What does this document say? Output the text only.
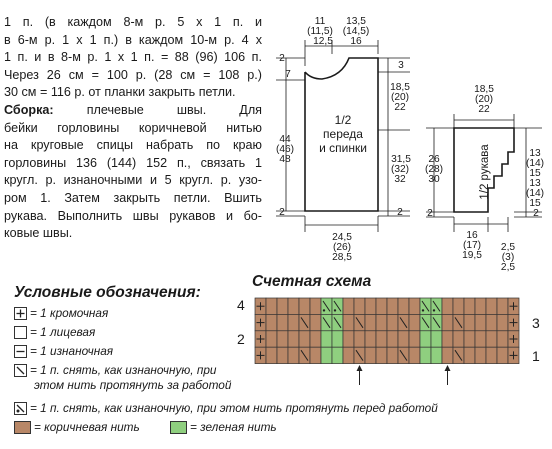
1 п. (в каждом 8-м р. 5 х 1 п. и
в 6-м р. 1 х 1 п.) в каждом 10-м р. 4 х
1 п. и в 8-м р. 1 х 1 п. = 88 (96) 106 п.
Через 26 см = 100 р. (28 см = 108 р.)
30 см = 116 р. от планки закрыть петли.
Сборка: плечевые швы. Для
бейки горловины коричневой нитью
на круговые спицы набрать по краю
горловины 136 (144) 152 п., связать 1
кругл. р. изнаночными и 5 кругл. р. узо-
ром 1. Затем закрыть петли. Вшить
рукава. Выполнить швы рукавов и бо-
ковые швы.
11
(11,5)
12,5
13,5
(14,5)
16
2
7
3
18,5
(20)
22
31,5
(32)
32
44
(46)
48
2	2
24,5
(26)
28,5
1/2
переда
и спинки
18,5
(20)
22
26
(28)
30
13
(14)
15
13
(14)
15
2	2
16
(17)
19,5
2,5
(3)
2,5
1/2 рукава
Условные обозначения:
= 1 кромочная
= 1 лицевая
= 1 изнаночная
= 1 п. снять, как изнаночную, при
этом нить протянуть за работой
= 1 п. снять, как изнаночную, при этом нить протянуть перед работой
= коричневая нить	= зеленая нить
Счетная схема
4
2
3
1
